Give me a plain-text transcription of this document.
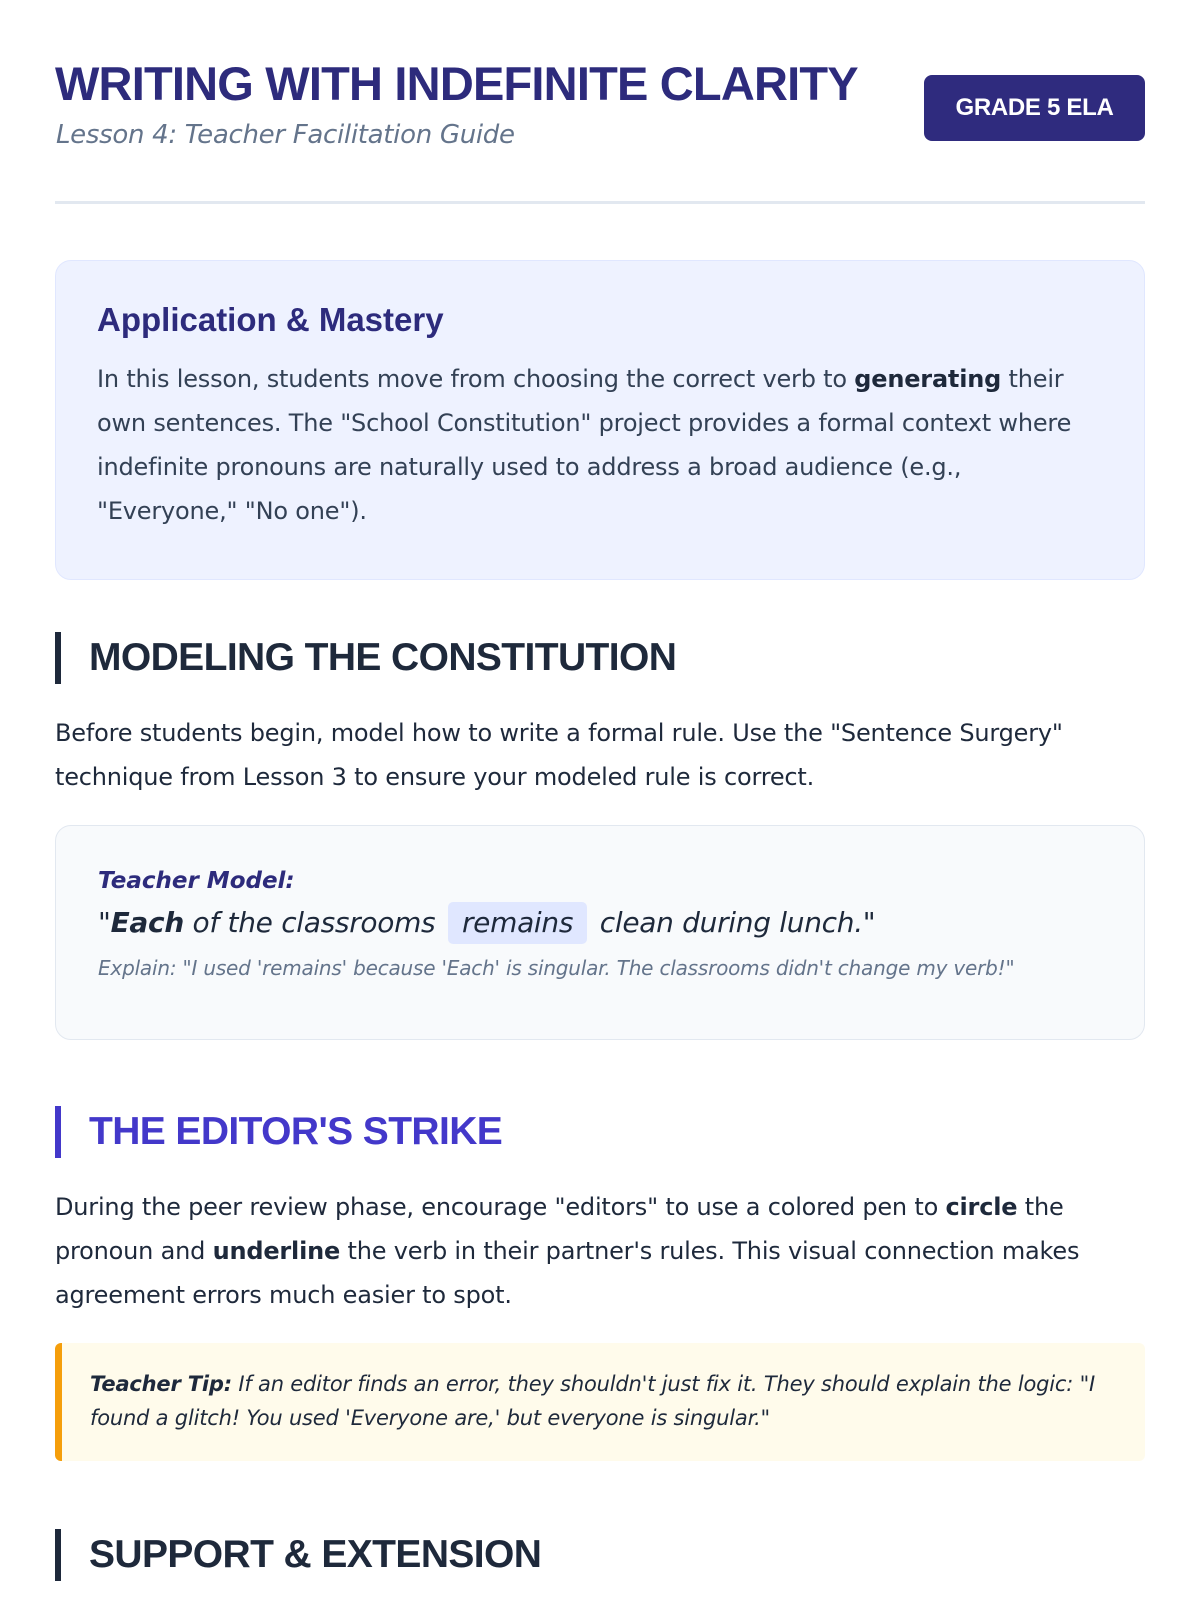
WRITING WITH INDEFINITE CLARITY

Lesson 4: Teacher Facilitation Guide

GRADE 5 ELA
Application & Mastery

In this lesson, students move from choosing the correct verb to generating their own sentences. The "School Constitution" project provides a formal context where indefinite pronouns are naturally used to address a broad audience (e.g., "Everyone," "No one").

MODELING THE CONSTITUTION

Before students begin, model how to write a formal rule. Use the "Sentence Surgery" technique from Lesson 3 to ensure your modeled rule is correct.

Teacher Model:

"Each of the classrooms remains clean during lunch."

Explain: "I used 'remains' because 'Each' is singular. The classrooms didn't change my verb!"

THE EDITOR'S STRIKE

During the peer review phase, encourage "editors" to use a colored pen to circle the pronoun and underline the verb in their partner's rules. This visual connection makes agreement errors much easier to spot.

Teacher Tip: If an editor finds an error, they shouldn't just fix it. They should explain the logic: "I found a glitch! You used 'Everyone are,' but everyone is singular."
SUPPORT & EXTENSION
